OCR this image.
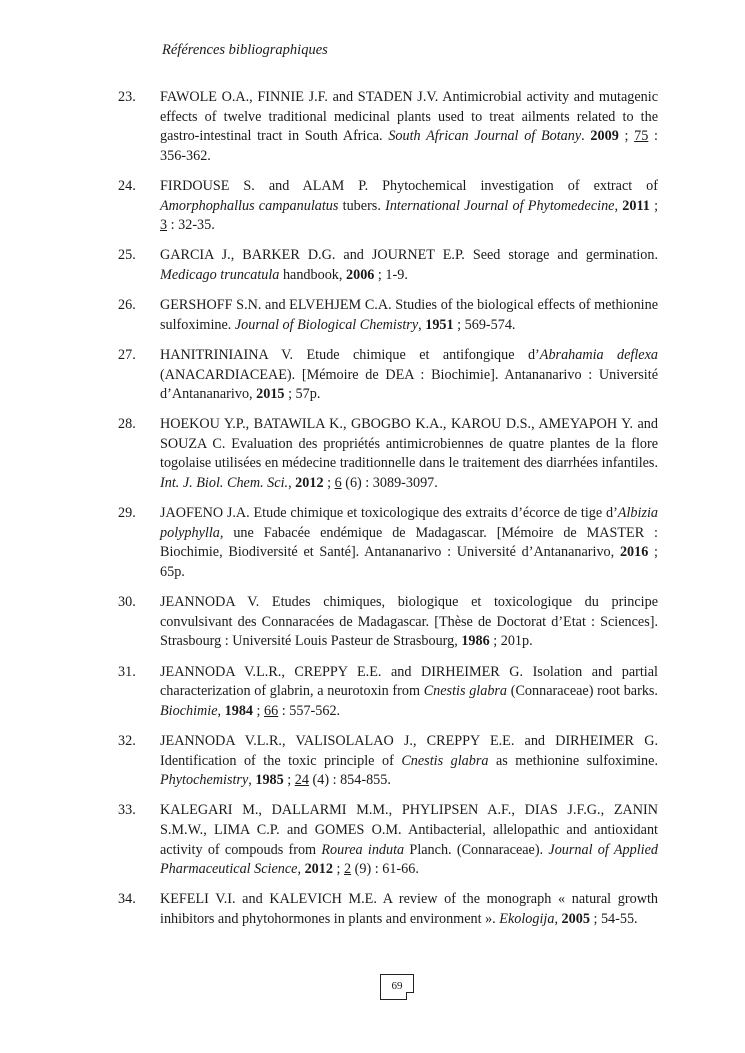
Références bibliographiques
23. FAWOLE O.A., FINNIE J.F. and STADEN J.V. Antimicrobial activity and mutagenic effects of twelve traditional medicinal plants used to treat ailments related to the gastro-intestinal tract in South Africa. South African Journal of Botany. 2009 ; 75 : 356-362.
24. FIRDOUSE S. and ALAM P. Phytochemical investigation of extract of Amorphophallus campanulatus tubers. International Journal of Phytomedecine, 2011 ; 3 : 32-35.
25. GARCIA J., BARKER D.G. and JOURNET E.P. Seed storage and germination. Medicago truncatula handbook, 2006 ; 1-9.
26. GERSHOFF S.N. and ELVEHJEM C.A. Studies of the biological effects of methionine sulfoximine. Journal of Biological Chemistry, 1951 ; 569-574.
27. HANITRINIAINA V. Etude chimique et antifongique d’Abrahamia deflexa (ANACARDIACEAE). [Mémoire de DEA : Biochimie]. Antananarivo : Université d’Antananarivo, 2015 ; 57p.
28. HOEKOU Y.P., BATAWILA K., GBOGBO K.A., KAROU D.S., AMEYAPOH Y. and SOUZA C. Evaluation des propriétés antimicrobiennes de quatre plantes de la flore togolaise utilisées en médecine traditionnelle dans le traitement des diarrhées infantiles. Int. J. Biol. Chem. Sci., 2012 ; 6 (6) : 3089-3097.
29. JAOFENO J.A. Etude chimique et toxicologique des extraits d’écorce de tige d’Albizia polyphylla, une Fabacée endémique de Madagascar. [Mémoire de MASTER : Biochimie, Biodiversité et Santé]. Antananarivo : Université d’Antananarivo, 2016 ; 65p.
30. JEANNODA V. Etudes chimiques, biologique et toxicologique du principe convulsivant des Connaracées de Madagascar. [Thèse de Doctorat d’Etat : Sciences]. Strasbourg : Université Louis Pasteur de Strasbourg, 1986 ; 201p.
31. JEANNODA V.L.R., CREPPY E.E. and DIRHEIMER G. Isolation and partial characterization of glabrin, a neurotoxin from Cnestis glabra (Connaraceae) root barks. Biochimie, 1984 ; 66 : 557-562.
32. JEANNODA V.L.R., VALISOLALAO J., CREPPY E.E. and DIRHEIMER G. Identification of the toxic principle of Cnestis glabra as methionine sulfoximine. Phytochemistry, 1985 ; 24 (4) : 854-855.
33. KALEGARI M., DALLARMI M.M., PHYLIPSEN A.F., DIAS J.F.G., ZANIN S.M.W., LIMA C.P. and GOMES O.M. Antibacterial, allelopathic and antioxidant activity of compouds from Rourea induta Planch. (Connaraceae). Journal of Applied Pharmaceutical Science, 2012 ; 2 (9) : 61-66.
34. KEFELI V.I. and KALEVICH M.E. A review of the monograph « natural growth inhibitors and phytohormones in plants and environment ». Ekologija, 2005 ; 54-55.
69
